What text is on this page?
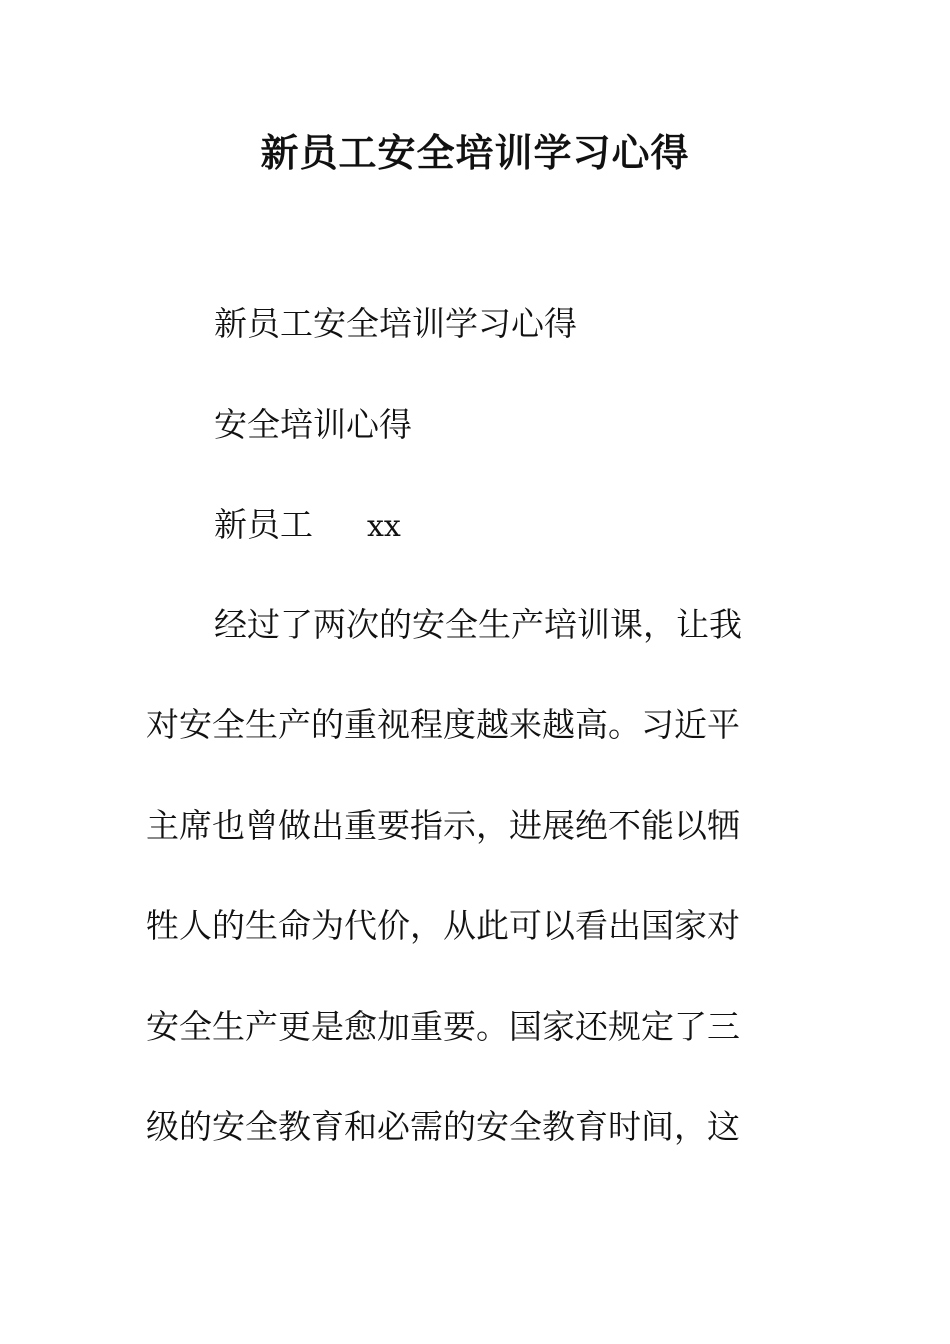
新员工安全培训学习心得

新员工安全培训学习心得

安全培训心得

新员工 xx

经过了两次的安全生产培训课，让我

对安全生产的重视程度越来越高。习近平

主席也曾做出重要指示，进展绝不能以牺

牲人的生命为代价，从此可以看出国家对

安全生产更是愈加重要。国家还规定了三

级的安全教育和必需的安全教育时间，这
